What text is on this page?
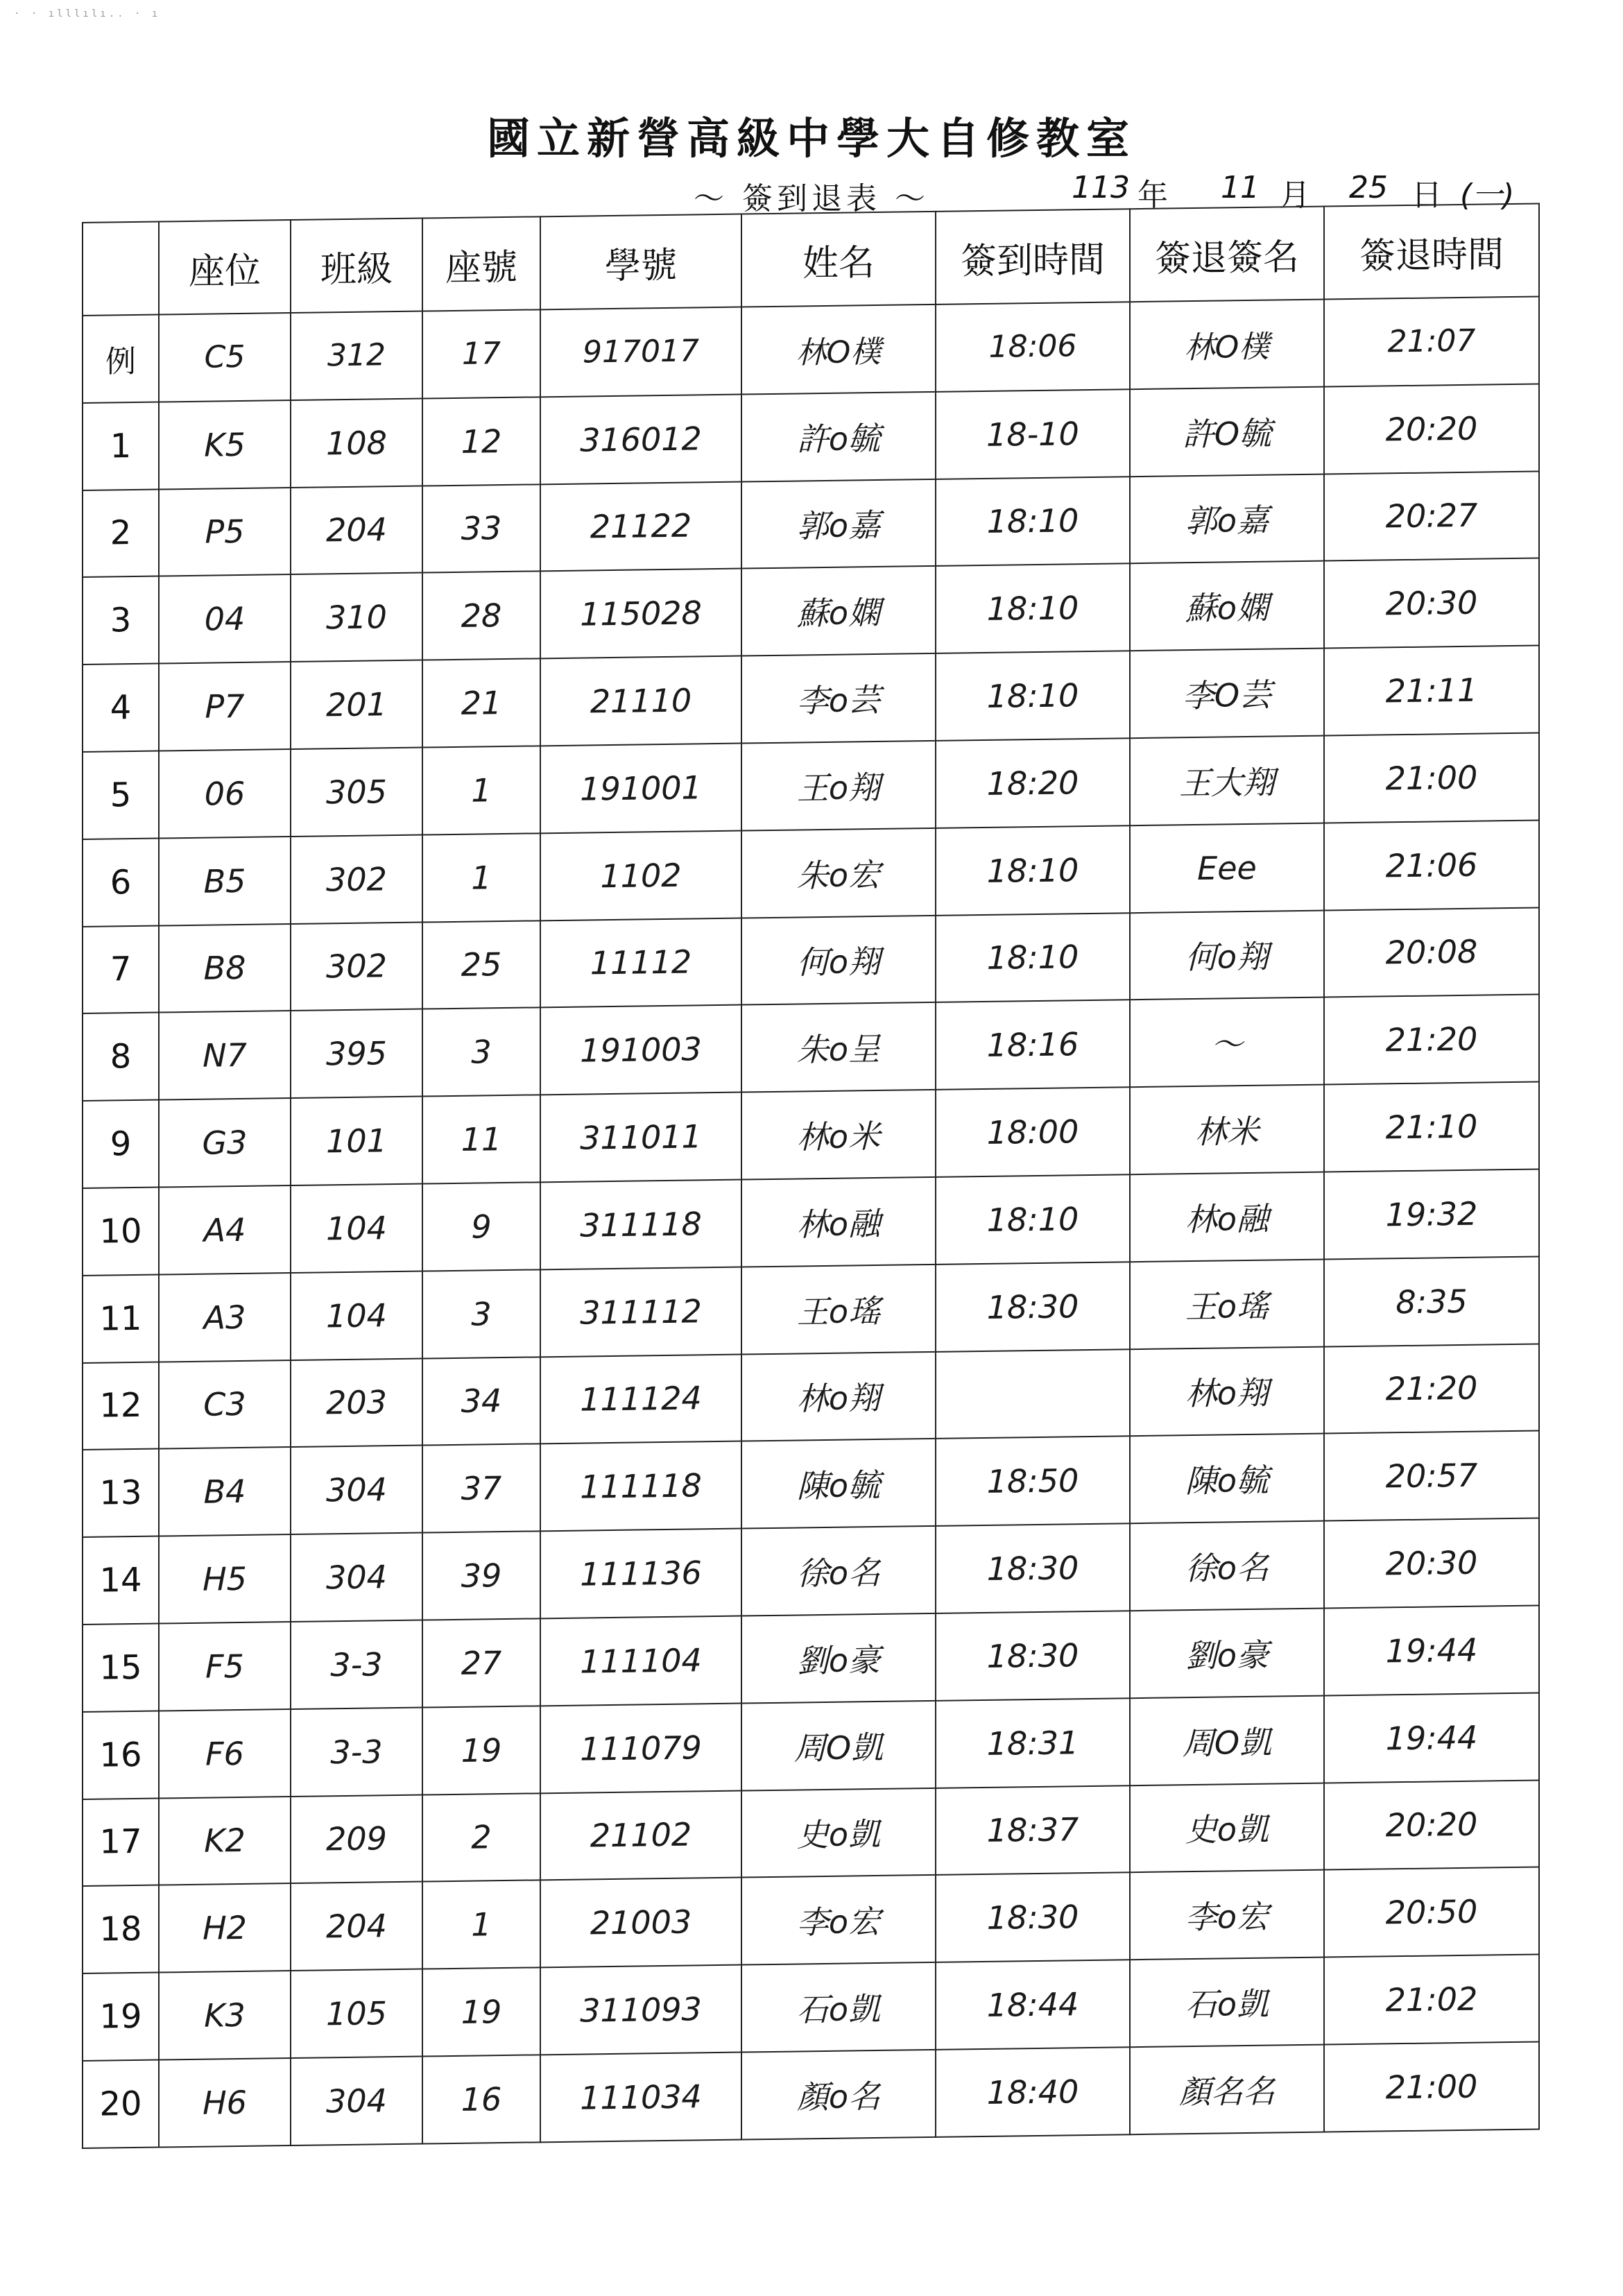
· · ılllılı.. · ı
國立新營高級中學大自修教室
～ 簽到退表 ～	113 年 11 月 25 日 (一)
	座位	班級	座號	學號	姓名	簽到時間	簽退簽名	簽退時間
例	C5	312	17	917017	林O樸	18:06	林O樸	21:07
1	K5	108	12	316012	許o毓	18-10	許O毓	20:20
2	P5	204	33	21122	郭o嘉	18:10	郭o嘉	20:27
3	04	310	28	115028	蘇o嫻	18:10	蘇o嫻	20:30
4	P7	201	21	21110	李o芸	18:10	李O芸	21:11
5	06	305	1	191001	王o翔	18:20	王大翔	21:00
6	B5	302	1	1102	朱o宏	18:10	Eee	21:06
7	B8	302	25	11112	何o翔	18:10	何o翔	20:08
8	N7	395	3	191003	朱o呈	18:16	～	21:20
9	G3	101	11	311011	林o米	18:00	林米	21:10
10	A4	104	9	311118	林o融	18:10	林o融	19:32
11	A3	104	3	311112	王o瑤	18:30	王o瑤	8:35
12	C3	203	34	111124	林o翔		林o翔	21:20
13	B4	304	37	111118	陳o毓	18:50	陳o毓	20:57
14	H5	304	39	111136	徐o名	18:30	徐o名	20:30
15	F5	3-3	27	111104	劉o豪	18:30	劉o豪	19:44
16	F6	3-3	19	111079	周O凱	18:31	周O凱	19:44
17	K2	209	2	21102	史o凱	18:37	史o凱	20:20
18	H2	204	1	21003	李o宏	18:30	李o宏	20:50
19	K3	105	19	311093	石o凱	18:44	石o凱	21:02
20	H6	304	16	111034	顏o名	18:40	顏名名	21:00
